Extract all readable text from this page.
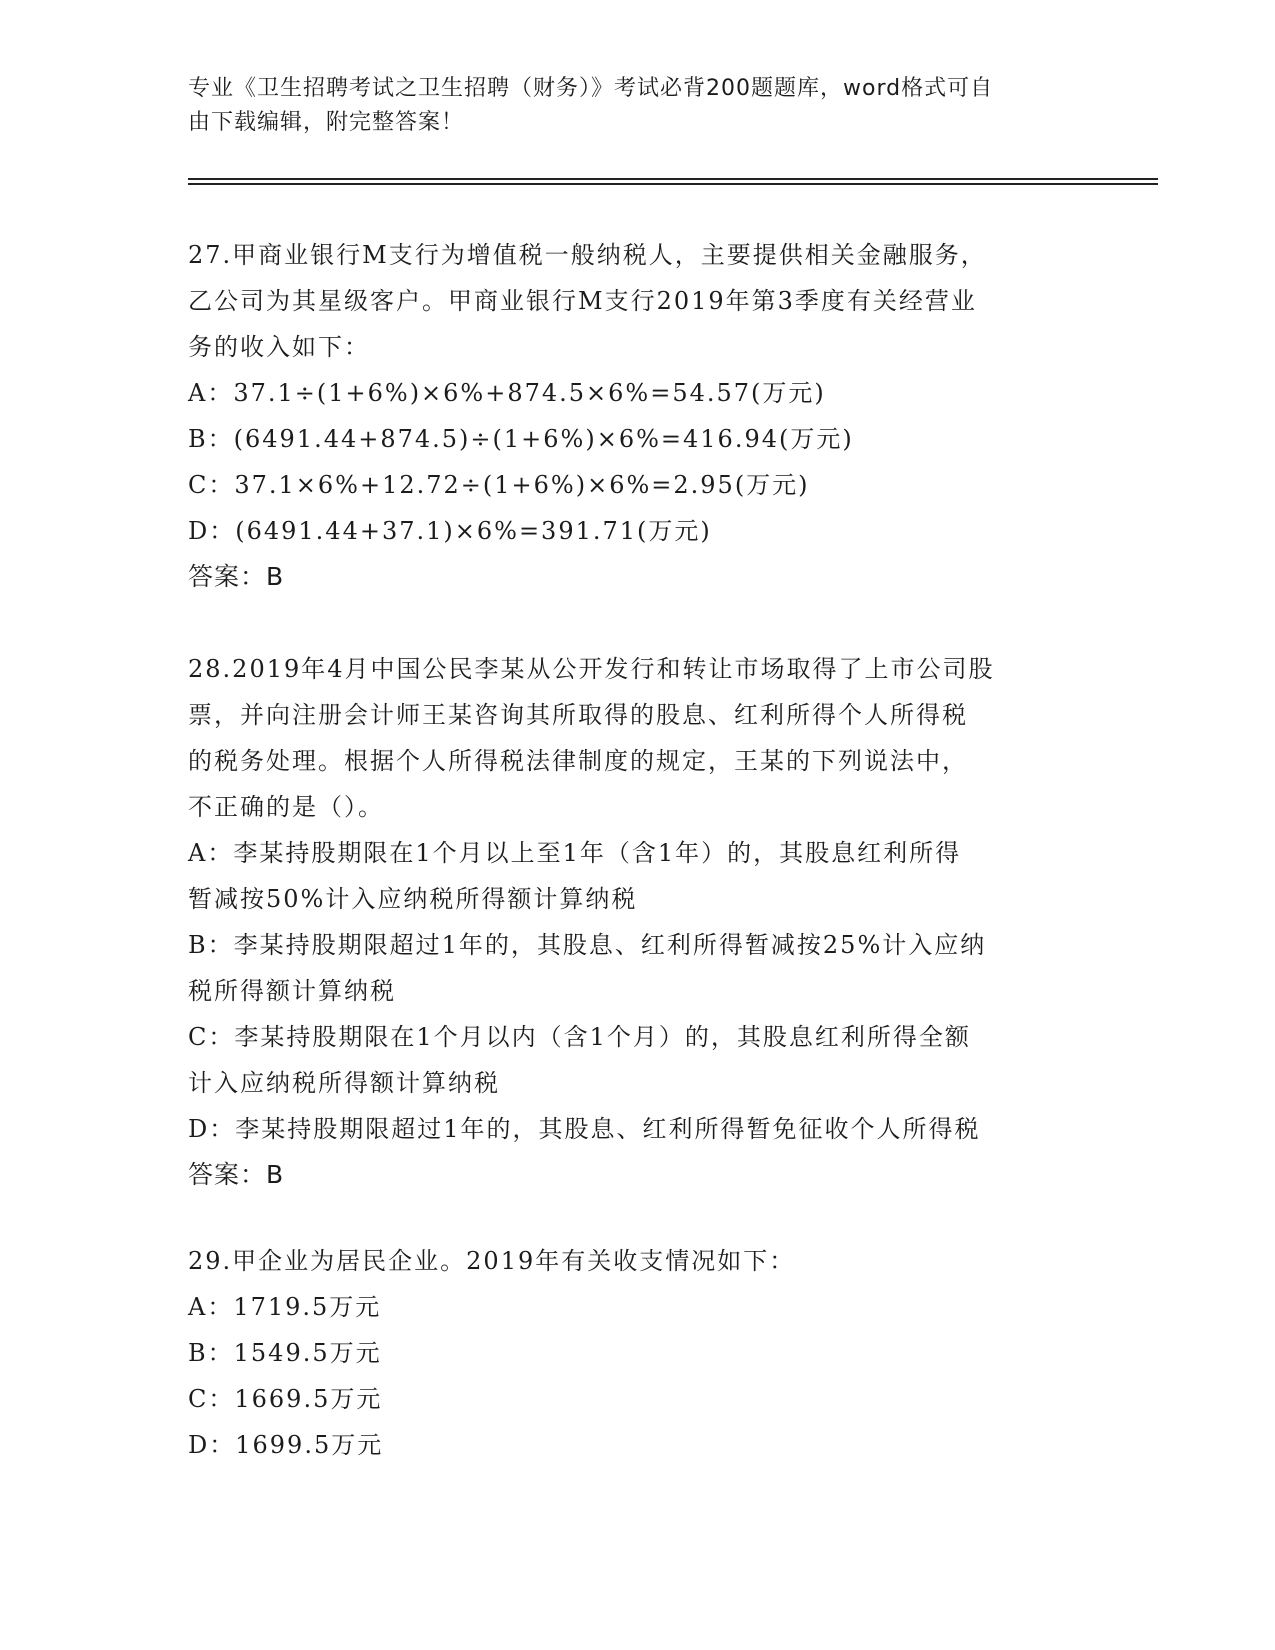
专业《卫生招聘考试之卫生招聘（财务）》考试必背200题题库，word格式可自
由下载编辑，附完整答案！
27.甲商业银行M支行为增值税一般纳税人，主要提供相关金融服务，
乙公司为其星级客户。甲商业银行M支行2019年第3季度有关经营业
务的收入如下：
A：37.1÷(1+6%)×6%+874.5×6%=54.57(万元)
B：(6491.44+874.5)÷(1+6%)×6%=416.94(万元)
C：37.1×6%+12.72÷(1+6%)×6%=2.95(万元)
D：(6491.44+37.1)×6%=391.71(万元)
答案：B
28.2019年4月中国公民李某从公开发行和转让市场取得了上市公司股
票，并向注册会计师王某咨询其所取得的股息、红利所得个人所得税
的税务处理。根据个人所得税法律制度的规定，王某的下列说法中，
不正确的是（）。
A：李某持股期限在1个月以上至1年（含1年）的，其股息红利所得
暂减按50%计入应纳税所得额计算纳税
B：李某持股期限超过1年的，其股息、红利所得暂减按25%计入应纳
税所得额计算纳税
C：李某持股期限在1个月以内（含1个月）的，其股息红利所得全额
计入应纳税所得额计算纳税
D：李某持股期限超过1年的，其股息、红利所得暂免征收个人所得税
答案：B
29.甲企业为居民企业。2019年有关收支情况如下：
A：1719.5万元
B：1549.5万元
C：1669.5万元
D：1699.5万元
